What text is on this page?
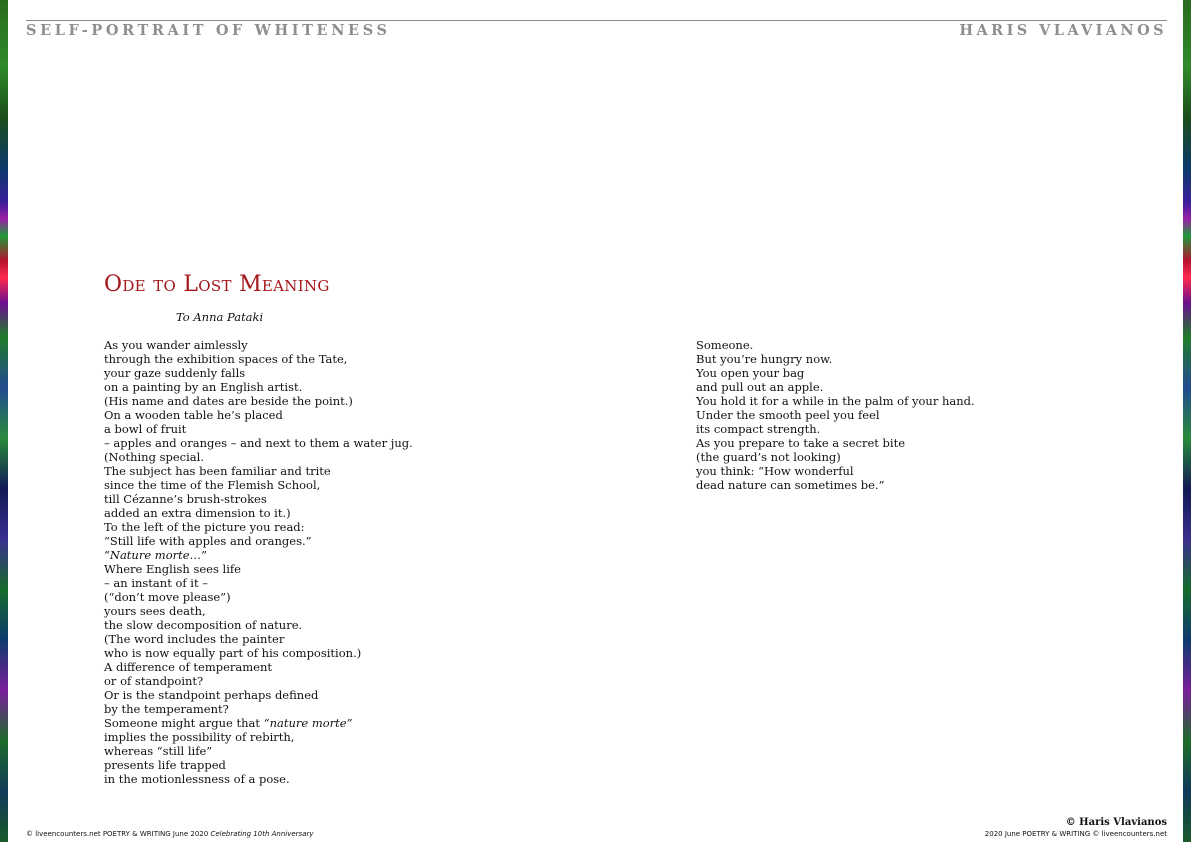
SELF-PORTRAIT OF WHITENESS	HARIS VLAVIANOS
Ode to Lost Meaning
To Anna Pataki
As you wander aimlessly
through the exhibition spaces of the Tate,
your gaze suddenly falls
on a painting by an English artist.
(His name and dates are beside the point.)
On a wooden table he’s placed
a bowl of fruit
– apples and oranges – and next to them a water jug.
(Nothing special.
The subject has been familiar and trite
since the time of the Flemish School,
till Cézanne’s brush-strokes
added an extra dimension to it.)
To the left of the picture you read:
“Still life with apples and oranges.”
“Nature morte…”
Where English sees life
– an instant of it –
(“don’t move please”)
yours sees death,
the slow decomposition of nature.
(The word includes the painter
who is now equally part of his composition.)
A difference of temperament
or of standpoint?
Or is the standpoint perhaps defined
by the temperament?
Someone might argue that “nature morte”
implies the possibility of rebirth,
whereas “still life”
presents life trapped
in the motionlessness of a pose.
Someone.
But you’re hungry now.
You open your bag
and pull out an apple.
You hold it for a while in the palm of your hand.
Under the smooth peel you feel
its compact strength.
As you prepare to take a secret bite
(the guard’s not looking)
you think: “How wonderful
dead nature can sometimes be.”
© liveencounters.net POETRY & WRITING June 2020 Celebrating 10th Anniversary
© Haris Vlavianos
2020 June POETRY & WRITING © liveencounters.net
